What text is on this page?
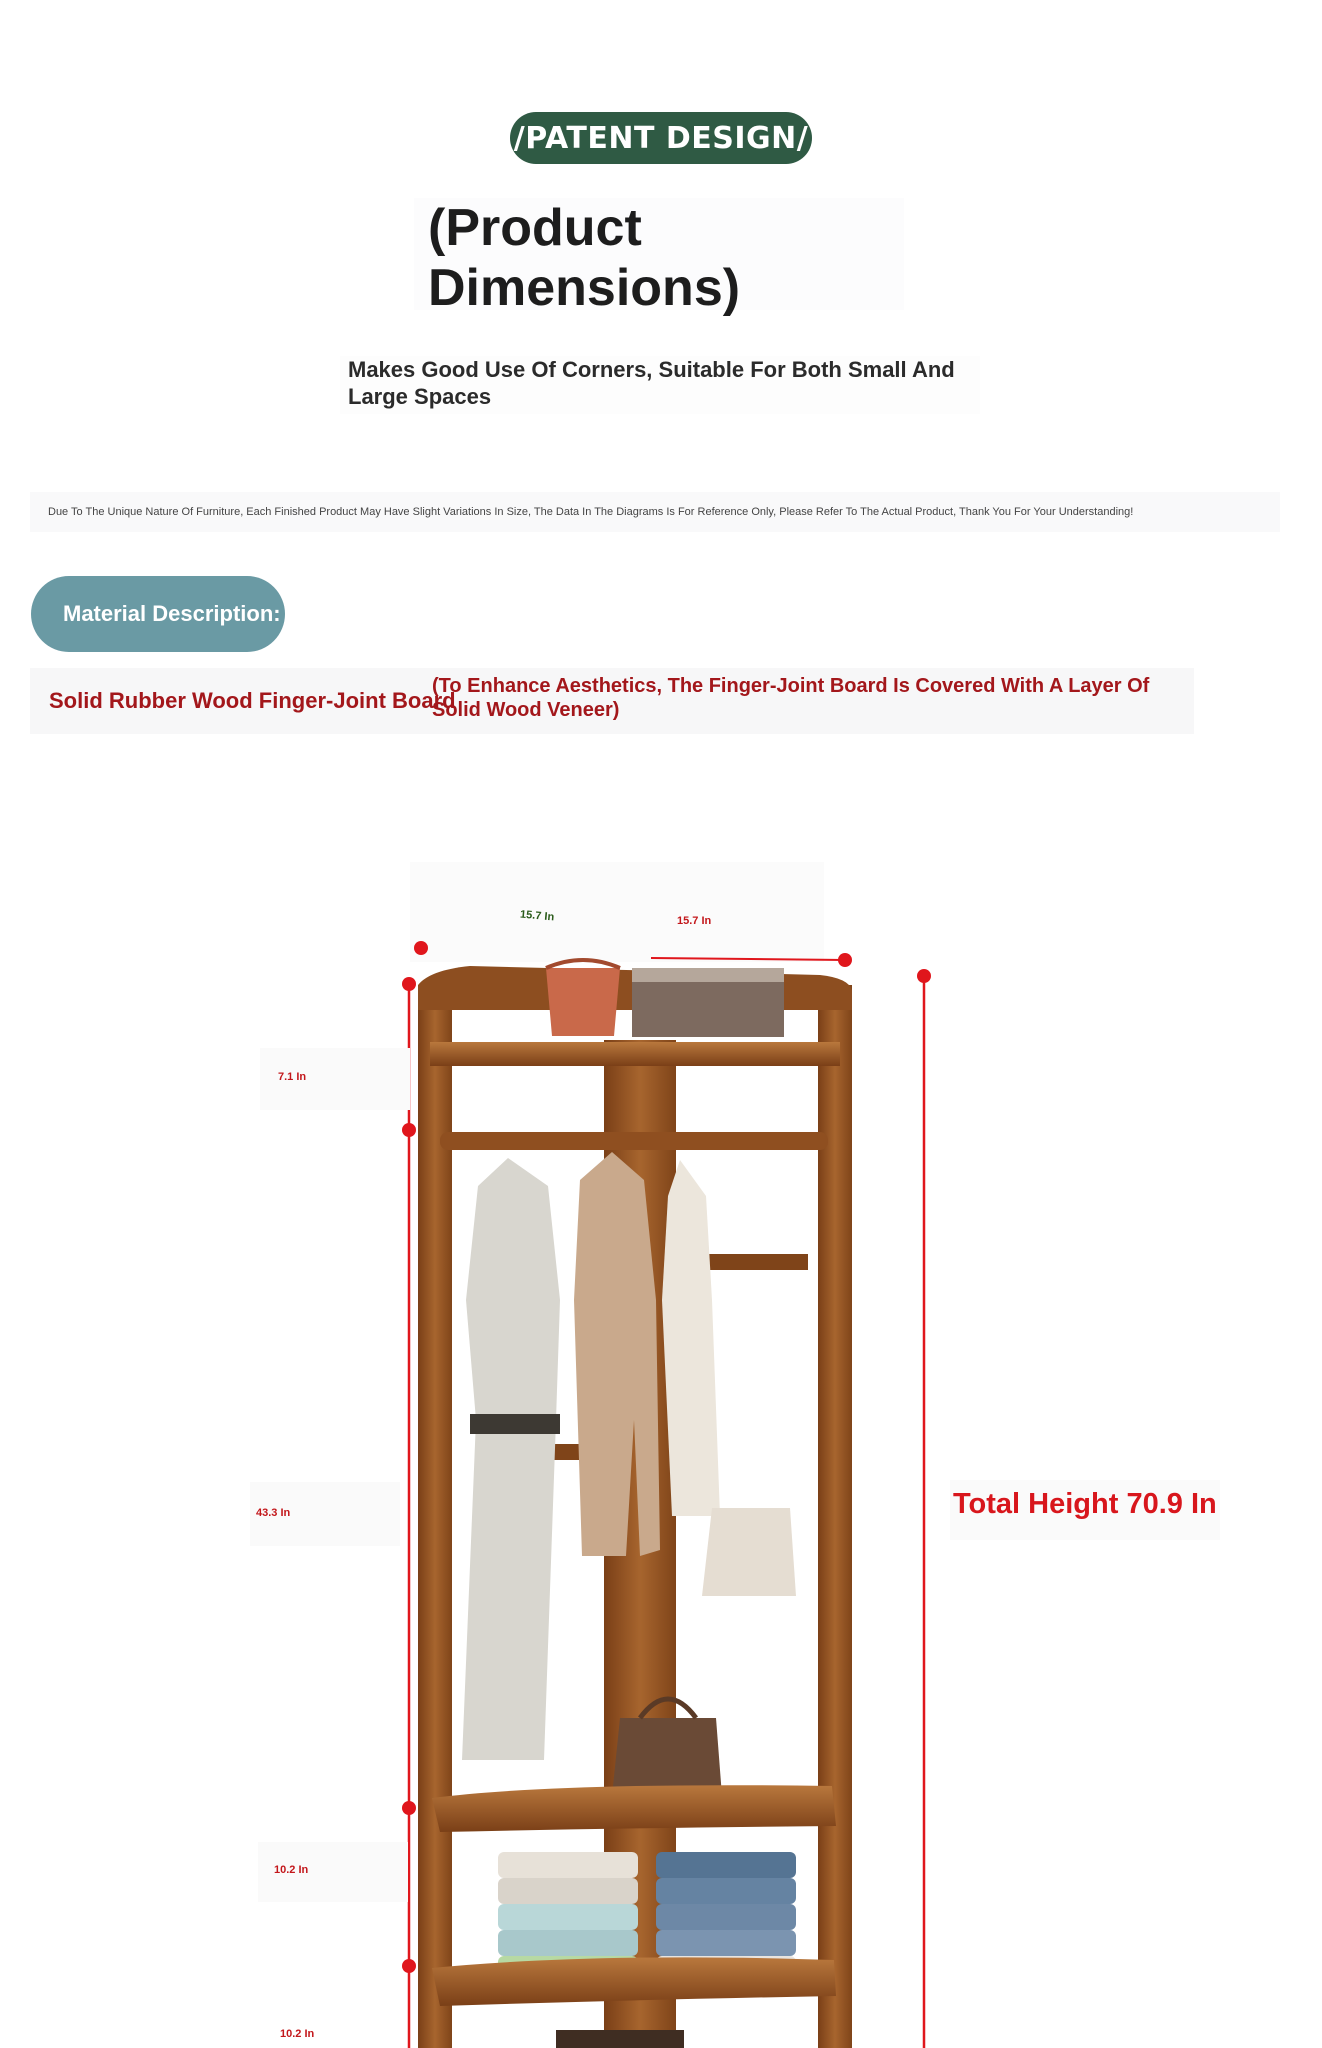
/PATENT DESIGN/
(Product Dimensions)
Makes Good Use Of Corners, Suitable For Both Small And Large Spaces
Due To The Unique Nature Of Furniture, Each Finished Product May Have Slight Variations In Size, The Data In The Diagrams Is For Reference Only, Please Refer To The Actual Product, Thank You For Your Understanding!
Material Description:
Solid Rubber Wood Finger-Joint Board
(To Enhance Aesthetics, The Finger-Joint Board Is Covered With A Layer Of Solid Wood Veneer)
15.7 In	15.7 In
7.1 In
43.3 In
10.2 In
10.2 In
Total Height 70.9 In
